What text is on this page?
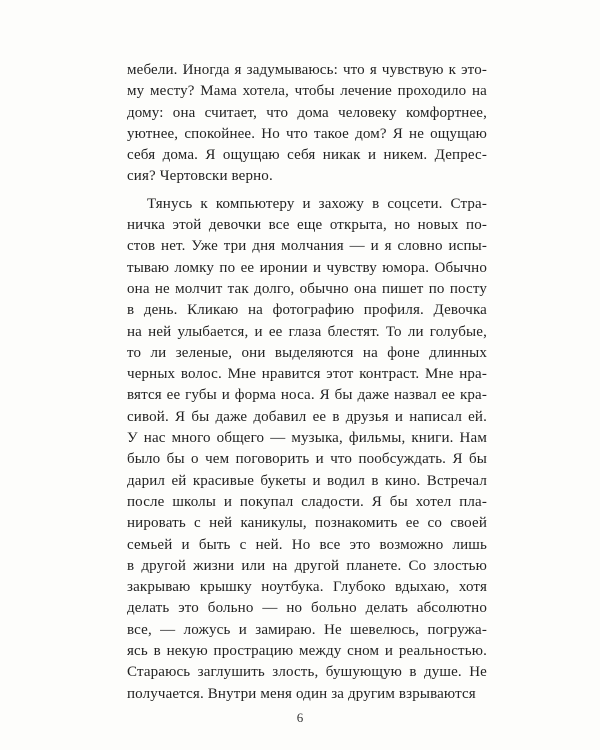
мебели. Иногда я задумываюсь: что я чувствую к это-
му месту? Мама хотела, чтобы лечение проходило на
дому: она считает, что дома человеку комфортнее,
уютнее, спокойнее. Но что такое дом? Я не ощущаю
себя дома. Я ощущаю себя никак и никем. Депрес-
сия? Чертовски верно.
Тянусь к компьютеру и захожу в соцсети. Стра-
ничка этой девочки все еще открыта, но новых по-
стов нет. Уже три дня молчания — и я словно испы-
тываю ломку по ее иронии и чувству юмора. Обычно
она не молчит так долго, обычно она пишет по посту
в день. Кликаю на фотографию профиля. Девочка
на ней улыбается, и ее глаза блестят. То ли голубые,
то ли зеленые, они выделяются на фоне длинных
черных волос. Мне нравится этот контраст. Мне нра-
вятся ее губы и форма носа. Я бы даже назвал ее кра-
сивой. Я бы даже добавил ее в друзья и написал ей.
У нас много общего — музыка, фильмы, книги. Нам
было бы о чем поговорить и что пообсуждать. Я бы
дарил ей красивые букеты и водил в кино. Встречал
после школы и покупал сладости. Я бы хотел пла-
нировать с ней каникулы, познакомить ее со своей
семьей и быть с ней. Но все это возможно лишь
в другой жизни или на другой планете. Со злостью
закрываю крышку ноутбука. Глубоко вдыхаю, хотя
делать это больно — но больно делать абсолютно
все, — ложусь и замираю. Не шевелюсь, погружа-
ясь в некую прострацию между сном и реальностью.
Стараюсь заглушить злость, бушующую в душе. Не
получается. Внутри меня один за другим взрываются
6
